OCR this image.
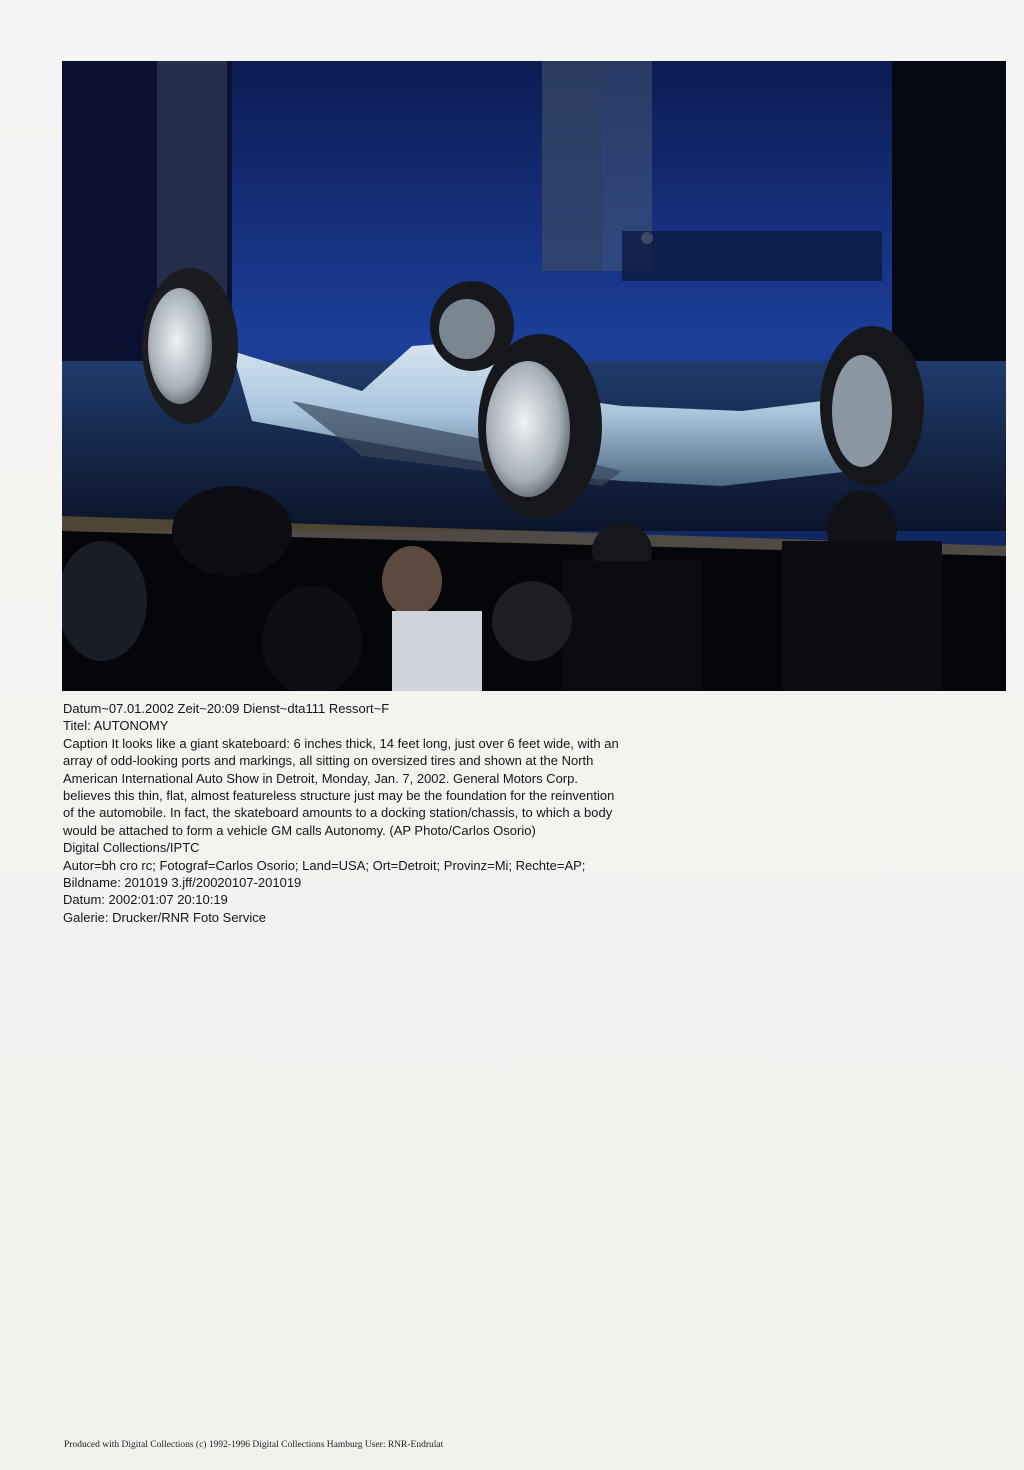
Datum~07.01.2002 Zeit~20:09 Dienst~dta111 Ressort~F
Titel: AUTONOMY
Caption It looks like a giant skateboard: 6 inches thick, 14 feet long, just over 6 feet wide, with an array of odd-looking ports and markings, all sitting on oversized tires and shown at the North American International Auto Show in Detroit, Monday, Jan. 7, 2002. General Motors Corp. believes this thin, flat, almost featureless structure just may be the foundation for the reinvention of the automobile. In fact, the skateboard amounts to a docking station/chassis, to which a body would be attached to form a vehicle GM calls Autonomy. (AP Photo/Carlos Osorio)
Digital Collections/IPTC
Autor=bh cro rc; Fotograf=Carlos Osorio; Land=USA; Ort=Detroit; Provinz=Mi; Rechte=AP;
Bildname: 201019 3.jff/20020107-201019
Datum: 2002:01:07 20:10:19
Galerie: Drucker/RNR Foto Service
Produced with Digital Collections (c) 1992-1996 Digital Collections Hamburg User: RNR-Endrulat
